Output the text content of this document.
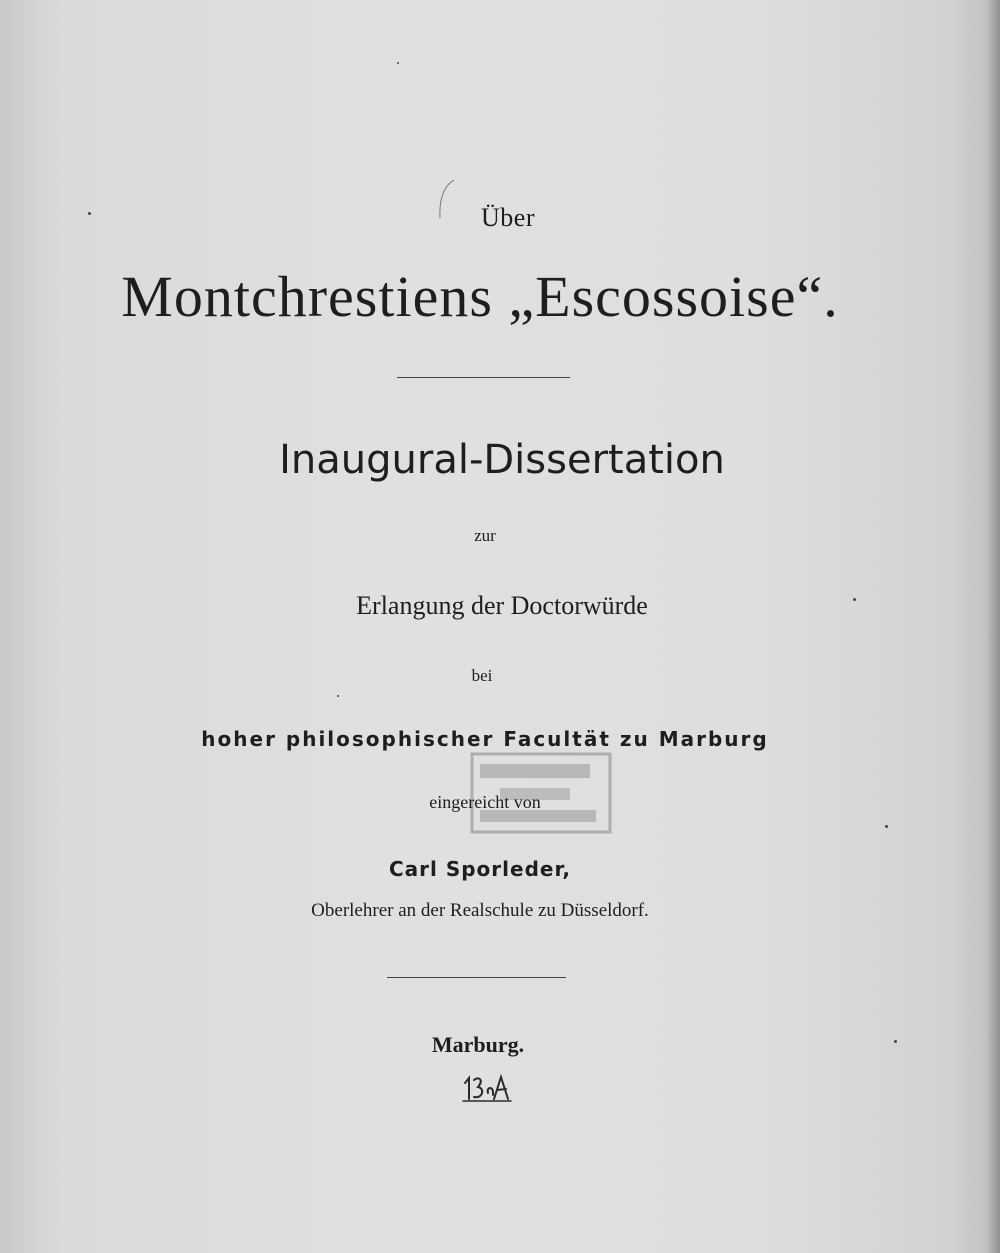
Über
Montchrestiens „Escossoise“.
Inaugural-Dissertation
zur
Erlangung der Doctorwürde
bei
hoher philosophischer Facultät zu Marburg
eingereicht von
Carl Sporleder,
Oberlehrer an der Realschule zu Düsseldorf.
Marburg.
